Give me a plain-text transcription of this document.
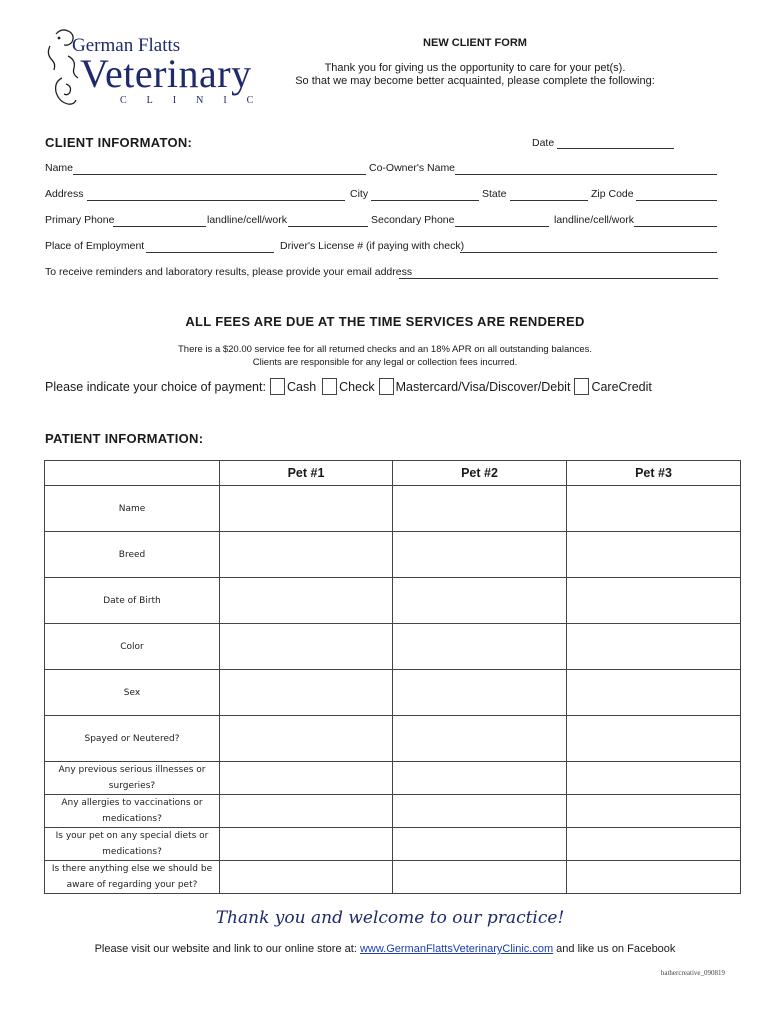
German Flatts
Veterinary
CLINIC
NEW CLIENT FORM
Thank you for giving us the opportunity to care for your pet(s).
So that we may become better acquainted, please complete the following:
CLIENT INFORMATON:	Date
Name	Co-Owner's Name
Address	City	State	Zip Code
Primary Phone	landline/cell/work	Secondary Phone	landline/cell/work
Place of Employment	Driver's License # (if paying with check)
To receive reminders and laboratory results, please provide your email address
ALL FEES ARE DUE AT THE TIME SERVICES ARE RENDERED
There is a $20.00 service fee for all returned checks and an 18% APR on all outstanding balances.
Clients are responsible for any legal or collection fees incurred.
Please indicate your choice of payment: Cash Check Mastercard/Visa/Discover/Debit CareCredit
PATIENT INFORMATION:
	Pet #1	Pet #2	Pet #3
Name			
Breed			
Date of Birth			
Color			
Sex			
Spayed or Neutered?			
Any previous serious illnesses or surgeries?			
Any allergies to vaccinations or medications?			
Is your pet on any special diets or medications?			
Is there anything else we should be aware of regarding your pet?			
Thank you and welcome to our practice!
Please visit our website and link to our online store at: www.GermanFlattsVeterinaryClinic.com and like us on Facebook
hathercreative_090819
